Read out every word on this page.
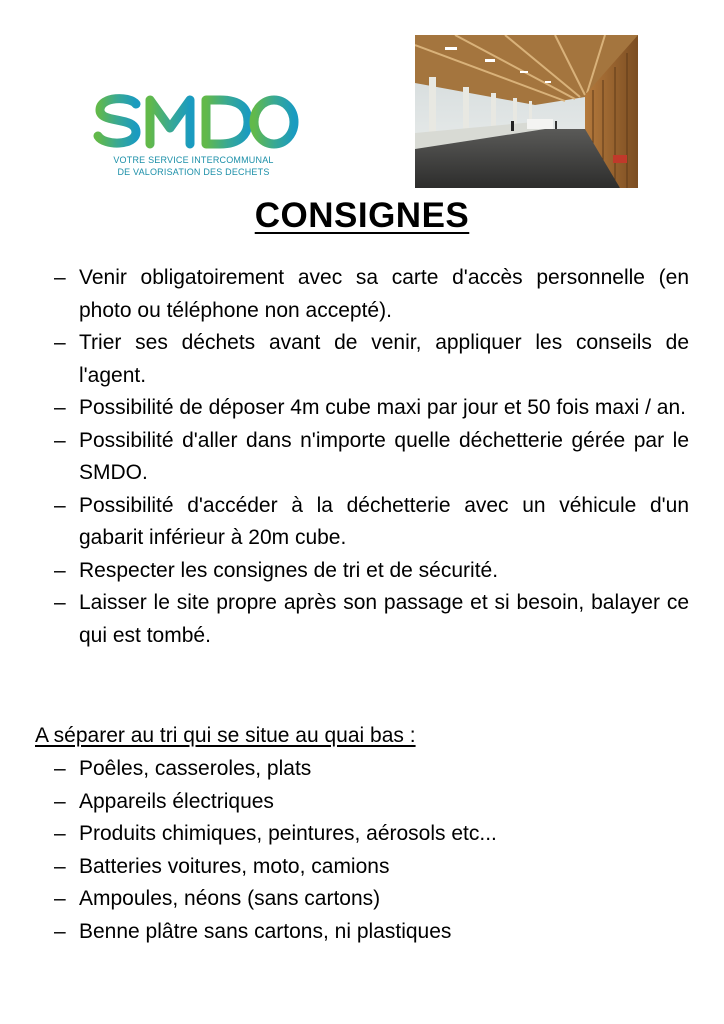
VOTRE SERVICE INTERCOMMUNAL
DE VALORISATION DES DECHETS
CONSIGNES
– Venir obligatoirement avec sa carte d'accès personnelle (en photo ou téléphone non accepté).
– Trier ses déchets avant de venir, appliquer les conseils de l'agent.
– Possibilité de déposer 4m cube maxi par jour et 50 fois maxi / an.
– Possibilité d'aller dans n'importe quelle déchetterie gérée par le SMDO.
– Possibilité d'accéder à la déchetterie avec un véhicule d'un gabarit inférieur à 20m cube.
– Respecter les consignes de tri et de sécurité.
– Laisser le site propre après son passage et si besoin, balayer ce qui est tombé.
A séparer au tri qui se situe au quai bas :
– Poêles, casseroles, plats
– Appareils électriques
– Produits chimiques, peintures, aérosols etc...
– Batteries voitures, moto, camions
– Ampoules, néons (sans cartons)
– Benne plâtre sans cartons, ni plastiques
